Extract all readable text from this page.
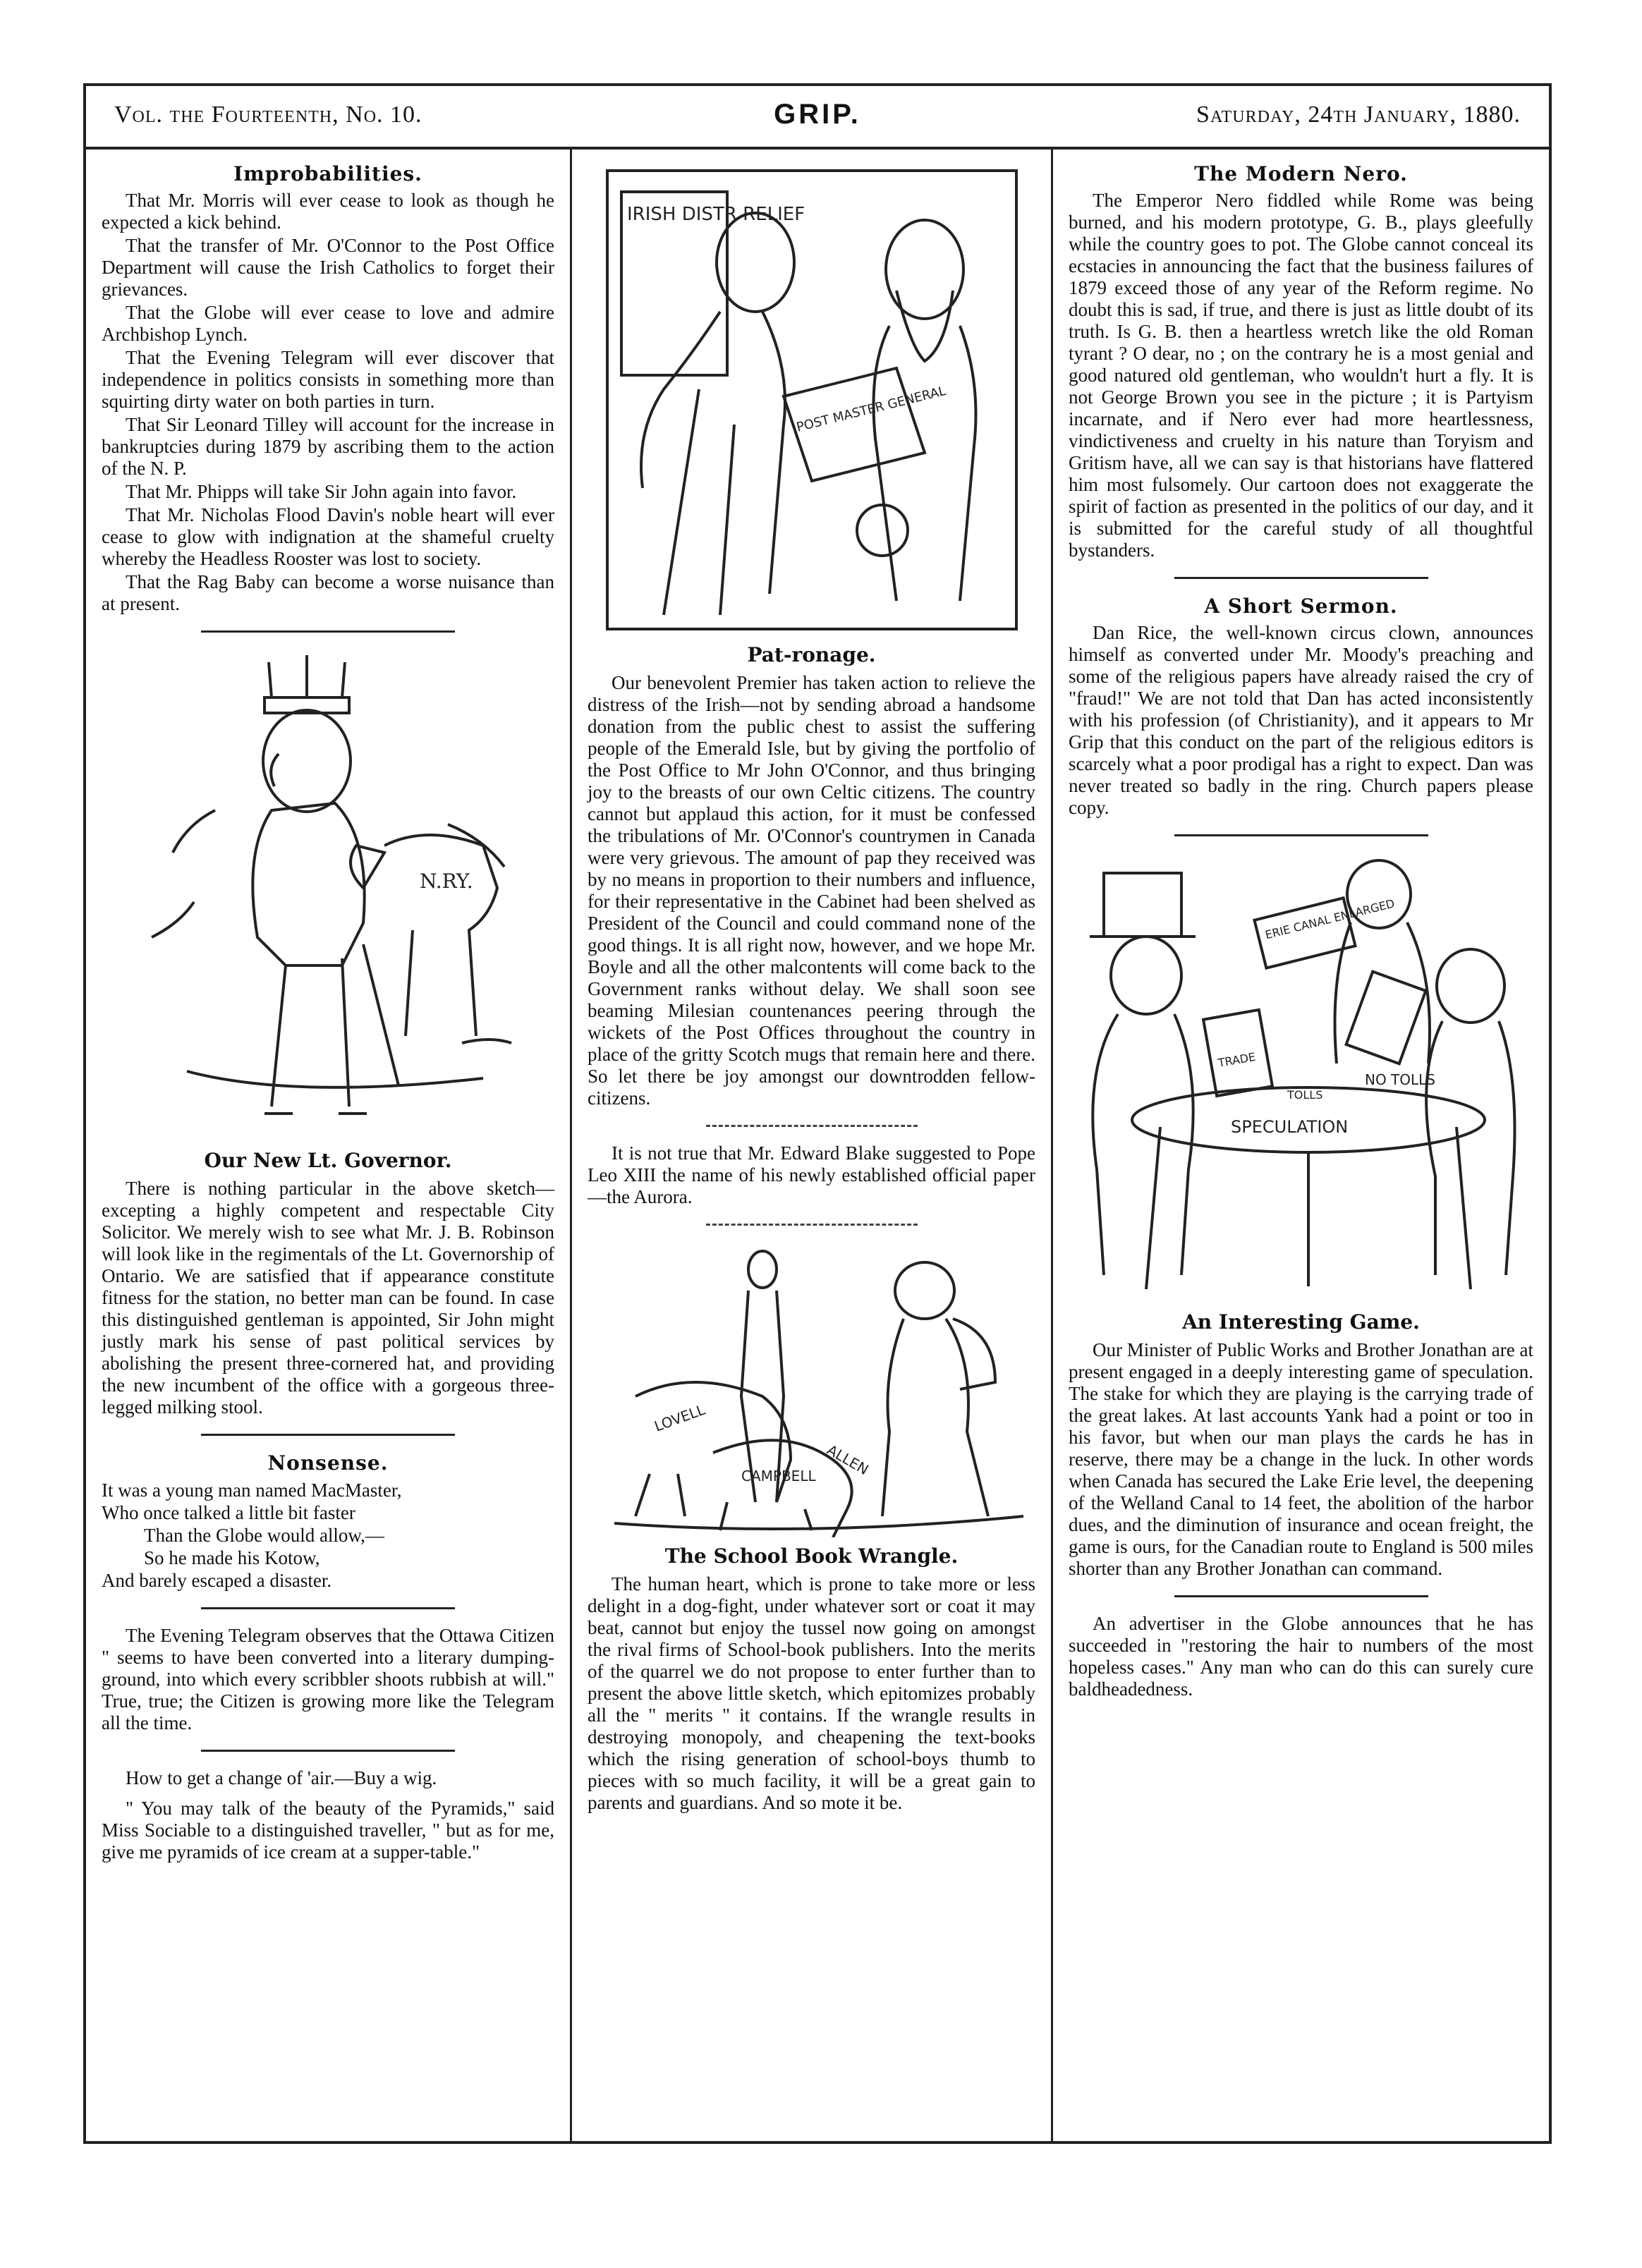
Vol. the Fourteenth, No. 10.	GRIP.	Saturday, 24th January, 1880.
Improbabilities.

That Mr. Morris will ever cease to look as though he expected a kick behind.

That the transfer of Mr. O'Connor to the Post Office Department will cause the Irish Catholics to forget their grievances.

That the Globe will ever cease to love and admire Archbishop Lynch.

That the Evening Telegram will ever discover that independence in politics consists in something more than squirting dirty water on both parties in turn.

That Sir Leonard Tilley will account for the increase in bankruptcies during 1879 by ascribing them to the action of the N. P.

That Mr. Phipps will take Sir John again into favor.

That Mr. Nicholas Flood Davin's noble heart will ever cease to glow with indignation at the shameful cruelty whereby the Headless Rooster was lost to society.

That the Rag Baby can become a worse nuisance than at present.

N.RY.
Our New Lt. Governor.

There is nothing particular in the above sketch—excepting a highly competent and respectable City Solicitor. We merely wish to see what Mr. J. B. Robinson will look like in the regimentals of the Lt. Governorship of Ontario. We are satisfied that if appearance constitute fitness for the station, no better man can be found. In case this distinguished gentleman is appointed, Sir John might justly mark his sense of past political services by abolishing the present three-cornered hat, and providing the new incumbent of the office with a gorgeous three-legged milking stool.

Nonsense.
It was a young man named MacMaster,
Who once talked a little bit faster
Than the Globe would allow,—
So he made his Kotow,
And barely escaped a disaster.

The Evening Telegram observes that the Ottawa Citizen " seems to have been converted into a literary dumping-ground, into which every scribbler shoots rubbish at will." True, true; the Citizen is growing more like the Telegram all the time.

How to get a change of 'air.—Buy a wig.

" You may talk of the beauty of the Pyramids," said Miss Sociable to a distinguished traveller, " but as for me, give me pyramids of ice cream at a supper-table."

IRISH DISTR RELIEF
POST MASTER GENERAL
Pat-ronage.

Our benevolent Premier has taken action to relieve the distress of the Irish—not by sending abroad a handsome donation from the public chest to assist the suffering people of the Emerald Isle, but by giving the portfolio of the Post Office to Mr John O'Connor, and thus bringing joy to the breasts of our own Celtic citizens. The country cannot but applaud this action, for it must be confessed the tribulations of Mr. O'Connor's countrymen in Canada were very grievous. The amount of pap they received was by no means in proportion to their numbers and influence, for their representative in the Cabinet had been shelved as President of the Council and could command none of the good things. It is all right now, however, and we hope Mr. Boyle and all the other malcontents will come back to the Government ranks without delay. We shall soon see beaming Milesian countenances peering through the wickets of the Post Offices throughout the country in place of the gritty Scotch mugs that remain here and there. So let there be joy amongst our downtrodden fellow-citizens.

It is not true that Mr. Edward Blake suggested to Pope Leo XIII the name of his newly established official paper—the Aurora.

LOVELL
CAMPBELL ALLEN
The School Book Wrangle.

The human heart, which is prone to take more or less delight in a dog-fight, under whatever sort or coat it may beat, cannot but enjoy the tussel now going on amongst the rival firms of School-book publishers. Into the merits of the quarrel we do not propose to enter further than to present the above little sketch, which epitomizes probably all the " merits " it contains. If the wrangle results in destroying monopoly, and cheapening the text-books which the rising generation of school-boys thumb to pieces with so much facility, it will be a great gain to parents and guardians. And so mote it be.

The Modern Nero.

The Emperor Nero fiddled while Rome was being burned, and his modern prototype, G. B., plays gleefully while the country goes to pot. The Globe cannot conceal its ecstacies in announcing the fact that the business failures of 1879 exceed those of any year of the Reform regime. No doubt this is sad, if true, and there is just as little doubt of its truth. Is G. B. then a heartless wretch like the old Roman tyrant ? O dear, no ; on the contrary he is a most genial and good natured old gentleman, who wouldn't hurt a fly. It is not George Brown you see in the picture ; it is Partyism incarnate, and if Nero ever had more heartlessness, vindictiveness and cruelty in his nature than Toryism and Gritism have, all we can say is that historians have flattered him most fulsomely. Our cartoon does not exaggerate the spirit of faction as presented in the politics of our day, and it is submitted for the careful study of all thoughtful bystanders.

A Short Sermon.

Dan Rice, the well-known circus clown, announces himself as converted under Mr. Moody's preaching and some of the religious papers have already raised the cry of "fraud!" We are not told that Dan has acted inconsistently with his profession (of Christianity), and it appears to Mr Grip that this conduct on the part of the religious editors is scarcely what a poor prodigal has a right to expect. Dan was never treated so badly in the ring. Church papers please copy.

ERIE CANAL ENLARGED
SPECULATION
NO TOLLS
TOLLS
TRADE
An Interesting Game.

Our Minister of Public Works and Brother Jonathan are at present engaged in a deeply interesting game of speculation. The stake for which they are playing is the carrying trade of the great lakes. At last accounts Yank had a point or too in his favor, but when our man plays the cards he has in reserve, there may be a change in the luck. In other words when Canada has secured the Lake Erie level, the deepening of the Welland Canal to 14 feet, the abolition of the harbor dues, and the diminution of insurance and ocean freight, the game is ours, for the Canadian route to England is 500 miles shorter than any Brother Jonathan can command.

An advertiser in the Globe announces that he has succeeded in "restoring the hair to numbers of the most hopeless cases." Any man who can do this can surely cure baldheadedness.
